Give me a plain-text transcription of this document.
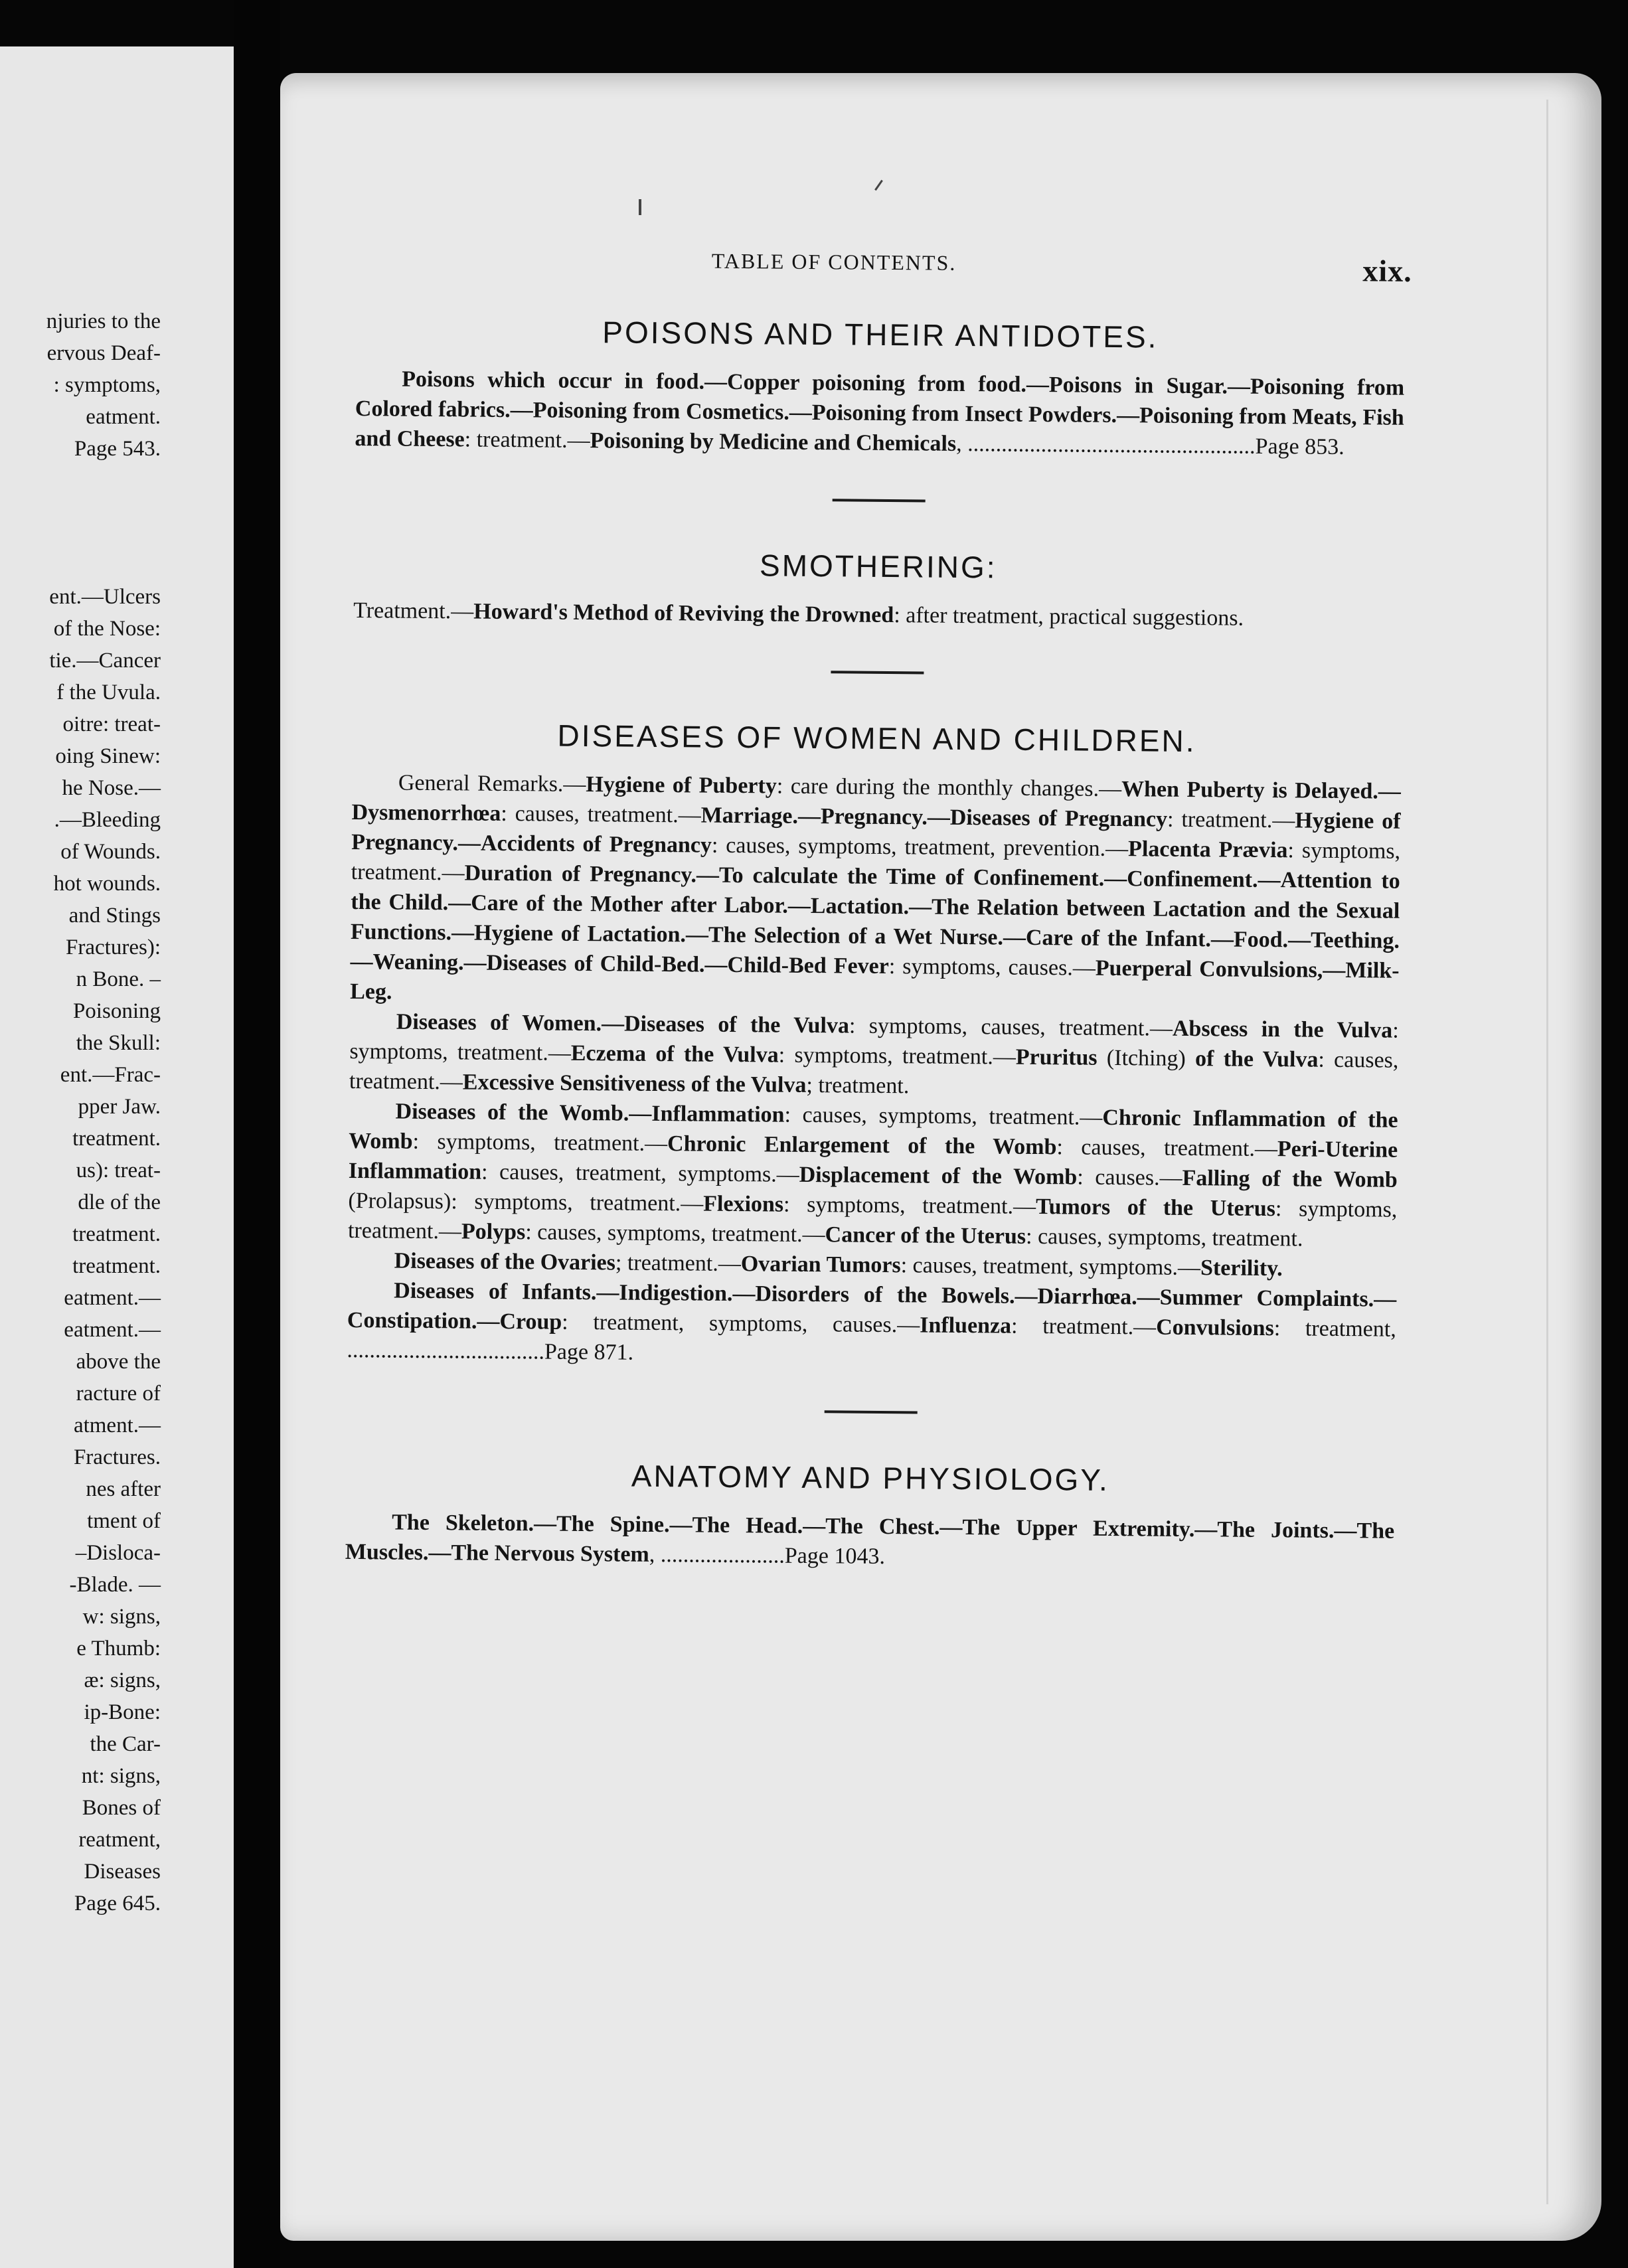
njuries to the
ervous Deaf-
: symptoms,
eatment.
Page 543.
ent.—Ulcers
of the Nose:
tie.—Cancer
f the Uvula.
oitre: treat-
oing Sinew:
he Nose.—
.—Bleeding
of Wounds.
hot wounds.
and Stings
Fractures):
n Bone. –
Poisoning
the Skull:
ent.—Frac-
pper Jaw.
treatment.
us): treat-
dle of the
treatment.
treatment.
eatment.—
eatment.—
above the
racture of
atment.—
Fractures.
nes after
tment of
–Disloca-
-Blade. —
w: signs,
e Thumb:
æ: signs,
ip-Bone:
the Car-
nt: signs,
Bones of
reatment,
Diseases
Page 645.
TABLE OF CONTENTS.	xix.
POISONS AND THEIR ANTIDOTES.

Poisons which occur in food.—Copper poisoning from food.—Poisons in Sugar.—Poisoning from Colored fabrics.—Poisoning from Cosmetics.—Poisoning from Insect Powders.—Poisoning from Meats, Fish and Cheese: treatment.—Poisoning by Medicine and Chemicals, ...................................................Page 853.

SMOTHERING:

Treatment.—Howard's Method of Reviving the Drowned: after treatment, practical suggestions.

DISEASES OF WOMEN AND CHILDREN.

General Remarks.—Hygiene of Puberty: care during the monthly changes.—When Puberty is Delayed.—Dysmenorrhœa: causes, treatment.—Marriage.—Pregnancy.—Diseases of Pregnancy: treatment.—Hygiene of Pregnancy.—Accidents of Pregnancy: causes, symptoms, treatment, prevention.—Placenta Prævia: symptoms, treatment.—Duration of Pregnancy.—To calculate the Time of Confinement.—Confinement.—Attention to the Child.—Care of the Mother after Labor.—Lactation.—The Relation between Lactation and the Sexual Functions.—Hygiene of Lactation.—The Selection of a Wet Nurse.—Care of the Infant.—Food.—Teething.—Weaning.—Diseases of Child-Bed.—Child-Bed Fever: symptoms, causes.—Puerperal Convulsions,—Milk-Leg.

Diseases of Women.—Diseases of the Vulva: symptoms, causes, treatment.—Abscess in the Vulva: symptoms, treatment.—Eczema of the Vulva: symptoms, treatment.—Pruritus (Itching) of the Vulva: causes, treatment.—Excessive Sensitiveness of the Vulva; treatment.

Diseases of the Womb.—Inflammation: causes, symptoms, treatment.—Chronic Inflammation of the Womb: symptoms, treatment.—Chronic Enlargement of the Womb: causes, treatment.—Peri-Uterine Inflammation: causes, treatment, symptoms.—Displacement of the Womb: causes.—Falling of the Womb (Prolapsus): symptoms, treatment.—Flexions: symptoms, treatment.—Tumors of the Uterus: symptoms, treatment.—Polyps: causes, symptoms, treatment.—Cancer of the Uterus: causes, symptoms, treatment.

Diseases of the Ovaries; treatment.—Ovarian Tumors: causes, treatment, symptoms.—Sterility.

Diseases of Infants.—Indigestion.—Disorders of the Bowels.—Diarrhœa.—Summer Complaints.—Constipation.—Croup: treatment, symptoms, causes.—Influenza: treatment.—Convulsions: treatment, ...................................Page 871.

ANATOMY AND PHYSIOLOGY.

The Skeleton.—The Spine.—The Head.—The Chest.—The Upper Extremity.—The Joints.—The Muscles.—The Nervous System, ......................Page 1043.
